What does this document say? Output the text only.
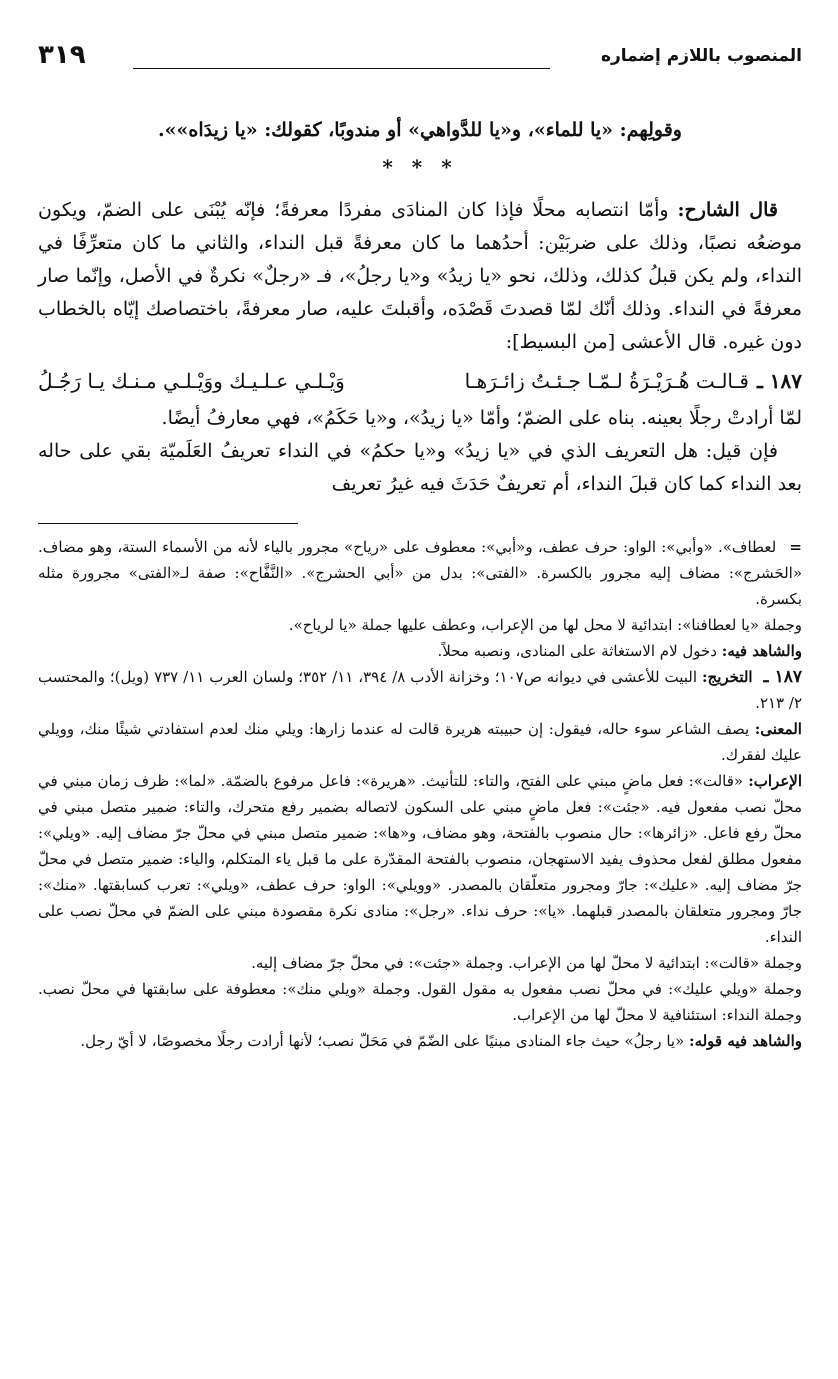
المنصوب باللازم إضماره
٣١٩

وقولِهم: «يا للماء»، و«يا للدَّواهي» أو مندوبًا، كقولك: «يا زيدَاه»».

* * *

قال الشارح: وأمّا انتصابه محلًا فإذا كان المنادَى مفردًا معرفةً؛ فإنّه يُبْنَى على الضمّ، ويكون موضعُه نصبًا، وذلك على ضربَيْن: أحدُهما ما كان معرفةً قبل النداء، والثاني ما كان متعرِّفًا في النداء، ولم يكن قبلُ كذلك، وذلك، نحو «يا زيدُ» و«يا رجلُ»، فـ «رجلٌ» نكرةٌ في الأصل، وإنّما صار معرفةً في النداء. وذلك أنّك لمّا قصدتَ قَصْدَه، وأقبلتَ عليه، صار معرفةً، باختصاصك إيّاه بالخطاب دون غيره. قال الأعشى [من البسيط]:

١٨٧ ـ
قـالـت هُـرَيْـرَةُ لـمّـا جـئـتُ زائـرَهـا
وَيْـلـي عـلـيـك ووَيْـلـي مـنـك يـا رَجُـلُ

لمّا أرادتْ رجلًا بعينه. بناه على الضمّ؛ وأمّا «يا زيدُ»، و«يا حَكَمُ»، فهي معارفُ أيضًا.

فإن قيل: هل التعريف الذي في «يا زيدُ» و«يا حكمُ» في النداء تعريفُ العَلَميّة بقي على حاله بعد النداء كما كان قبلَ النداء، أم تعريفٌ حَدَثَ فيه غيرُ تعريف

= لعطاف». «وأبي»: الواو: حرف عطف، و«أبي»: معطوف على «رياح» مجرور بالياء لأنه من الأسماء الستة، وهو مضاف. «الحَشرج»: مضاف إليه مجرور بالكسرة. «الفتى»: بدل من «أبي الحشرج». «النَّفَّاح»: صفة لـ«الفتى» مجرورة مثله بكسرة.

وجملة «يا لعطافنا»: ابتدائية لا محل لها من الإعراب، وعطف عليها جملة «يا لرياح».

والشاهد فيه: دخول لام الاستغاثة على المنادى، ونصبه محلاً.

١٨٧ ـ التخريج: البيت للأعشى في ديوانه ص١٠٧؛ وخزانة الأدب ٨/ ٣٩٤، ١١/ ٣٥٢؛ ولسان العرب ١١/ ٧٣٧ (ويل)؛ والمحتسب ٢/ ٢١٣.

المعنى: يصف الشاعر سوء حاله، فيقول: إن حبيبته هريرة قالت له عندما زارها: ويلي منك لعدم استفادتي شيئًا منك، وويلي عليك لفقرك.

الإعراب: «قالت»: فعل ماضٍ مبني على الفتح، والتاء: للتأنيث. «هريرة»: فاعل مرفوع بالضمّة. «لما»: ظرف زمان مبني في محلّ نصب مفعول فيه. «جئت»: فعل ماضٍ مبني على السكون لاتصاله بضمير رفع متحرك، والتاء: ضمير متصل مبني في محلّ رفع فاعل. «زائرها»: حال منصوب بالفتحة، وهو مضاف، و«ها»: ضمير متصل مبني في محلّ جرّ مضاف إليه. «ويلي»: مفعول مطلق لفعل محذوف يفيد الاستهجان، منصوب بالفتحة المقدّرة على ما قبل ياء المتكلم، والياء: ضمير متصل في محلّ جرّ مضاف إليه. «عليك»: جارّ ومجرور متعلّقان بالمصدر. «وويلي»: الواو: حرف عطف، «ويلي»: تعرب كسابقتها. «منك»: جارّ ومجرور متعلقان بالمصدر قبلهما. «يا»: حرف نداء. «رجل»: منادى نكرة مقصودة مبني على الضمّ في محلّ نصب على النداء.

وجملة «قالت»: ابتدائية لا محلّ لها من الإعراب. وجملة «جئت»: في محلّ جرّ مضاف إليه.

وجملة «ويلي عليك»: في محلّ نصب مفعول به مقول القول. وجملة «ويلي منك»: معطوفة على سابقتها في محلّ نصب. وجملة النداء: استئنافية لا محلّ لها من الإعراب.

والشاهد فيه قوله: «يا رجلُ» حيث جاء المنادى مبنيًا على الضّمّ في مَحَلّ نصب؛ لأنها أرادت رجلًا مخصوصًا، لا أيّ رجل.
